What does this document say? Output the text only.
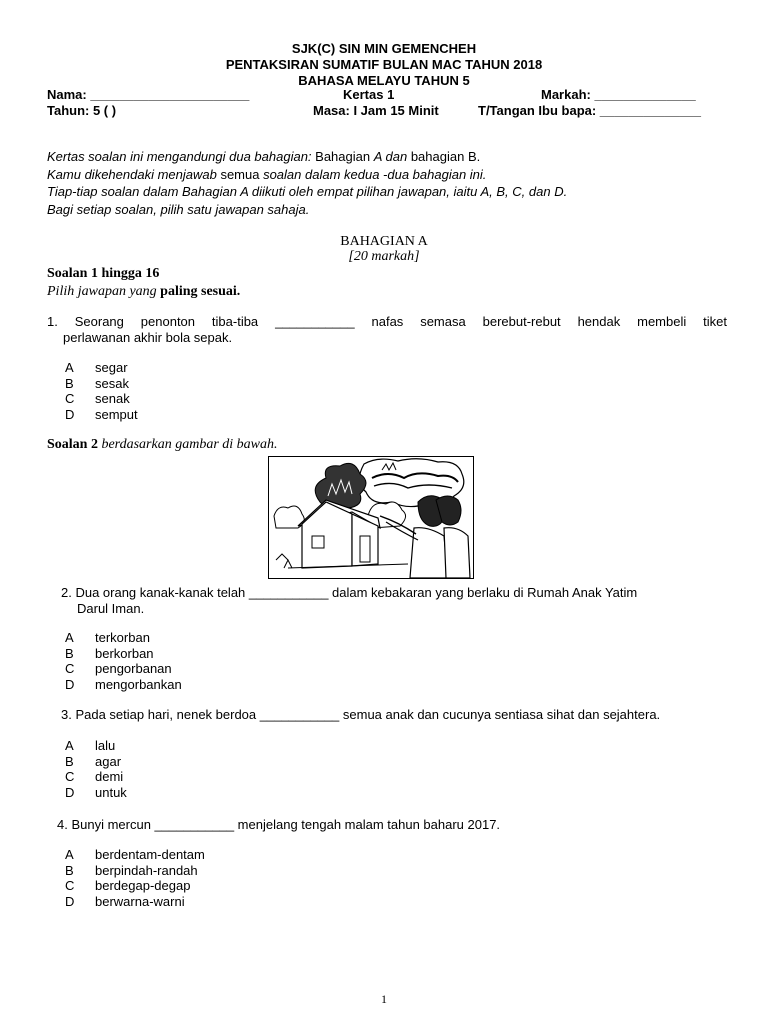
SJK(C) SIN MIN GEMENCHEH
PENTAKSIRAN SUMATIF BULAN MAC TAHUN 2018
BAHASA MELAYU TAHUN 5
Nama: ______________________	Kertas 1	Markah: ______________
Tahun: 5 ( )	Masa: I Jam 15 Minit	T/Tangan Ibu bapa: ______________
Kertas soalan ini mengandungi dua bahagian: Bahagian A dan bahagian B.
Kamu dikehendaki menjawab semua soalan dalam kedua -dua bahagian ini.
Tiap-tiap soalan dalam Bahagian A diikuti oleh empat pilihan jawapan, iaitu A, B, C, dan D.
Bagi setiap soalan, pilih satu jawapan sahaja.
BAHAGIAN A
[20 markah]
Soalan 1 hingga 16
Pilih jawapan yang paling sesuai.
1. Seorang penonton tiba-tiba ___________ nafas semasa berebut-rebut hendak membeli tiket
perlawanan akhir bola sepak.
A	segar
B	sesak
C	senak
D	semput
Soalan 2 berdasarkan gambar di bawah.
2. Dua orang kanak-kanak telah ___________ dalam kebakaran yang berlaku di Rumah Anak Yatim
Darul Iman.
A	terkorban
B	berkorban
C	pengorbanan
D	mengorbankan
3. Pada setiap hari, nenek berdoa ___________ semua anak dan cucunya sentiasa sihat dan sejahtera.
A	lalu
B	agar
C	demi
D	untuk
4. Bunyi mercun ___________ menjelang tengah malam tahun baharu 2017.
A	berdentam-dentam
B	berpindah-randah
C	berdegap-degap
D	berwarna-warni
1
